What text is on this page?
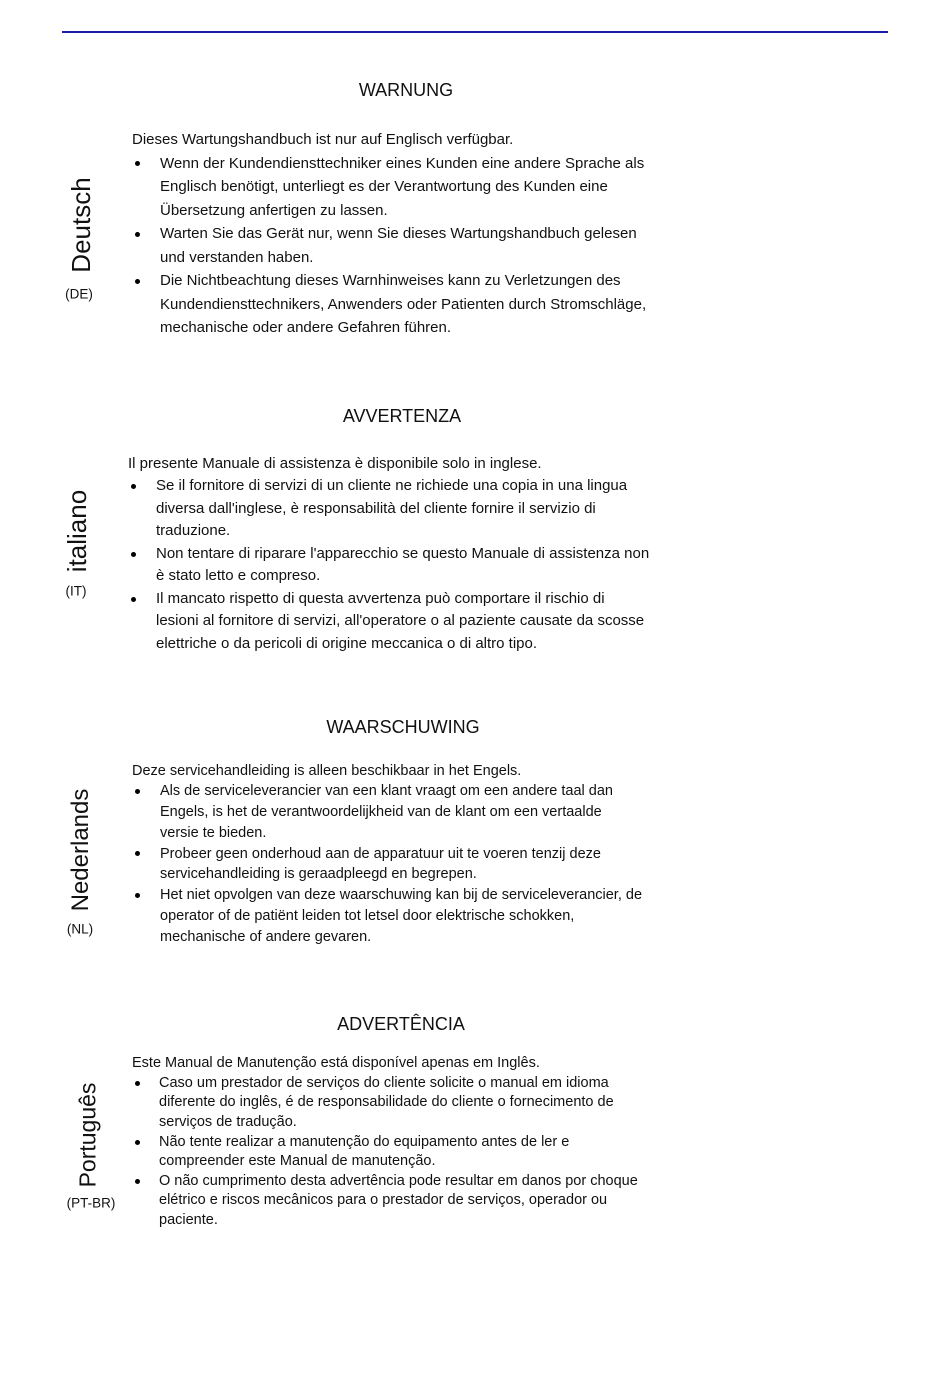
Deutsch
(DE)
WARNUNG

Dieses Wartungshandbuch ist nur auf Englisch verfügbar.

Wenn der Kundendiensttechniker eines Kunden eine andere Sprache als
Englisch benötigt, unterliegt es der Verantwortung des Kunden eine
Übersetzung anfertigen zu lassen.
Warten Sie das Gerät nur, wenn Sie dieses Wartungshandbuch gelesen
und verstanden haben.
Die Nichtbeachtung dieses Warnhinweises kann zu Verletzungen des
Kundendiensttechnikers, Anwenders oder Patienten durch Stromschläge,
mechanische oder andere Gefahren führen.
italiano
(IT)
AVVERTENZA

Il presente Manuale di assistenza è disponibile solo in inglese.

Se il fornitore di servizi di un cliente ne richiede una copia in una lingua
diversa dall'inglese, è responsabilità del cliente fornire il servizio di
traduzione.
Non tentare di riparare l'apparecchio se questo Manuale di assistenza non
è stato letto e compreso.
Il mancato rispetto di questa avvertenza può comportare il rischio di
lesioni al fornitore di servizi, all'operatore o al paziente causate da scosse
elettriche o da pericoli di origine meccanica o di altro tipo.
Nederlands
(NL)
WAARSCHUWING

Deze servicehandleiding is alleen beschikbaar in het Engels.

Als de serviceleverancier van een klant vraagt om een andere taal dan
Engels, is het de verantwoordelijkheid van de klant om een vertaalde
versie te bieden.
Probeer geen onderhoud aan de apparatuur uit te voeren tenzij deze
servicehandleiding is geraadpleegd en begrepen.
Het niet opvolgen van deze waarschuwing kan bij de serviceleverancier, de
operator of de patiënt leiden tot letsel door elektrische schokken,
mechanische of andere gevaren.
Português
(PT-BR)
ADVERTÊNCIA

Este Manual de Manutenção está disponível apenas em Inglês.

Caso um prestador de serviços do cliente solicite o manual em idioma
diferente do inglês, é de responsabilidade do cliente o fornecimento de
serviços de tradução.
Não tente realizar a manutenção do equipamento antes de ler e
compreender este Manual de manutenção.
O não cumprimento desta advertência pode resultar em danos por choque
elétrico e riscos mecânicos para o prestador de serviços, operador ou
paciente.
